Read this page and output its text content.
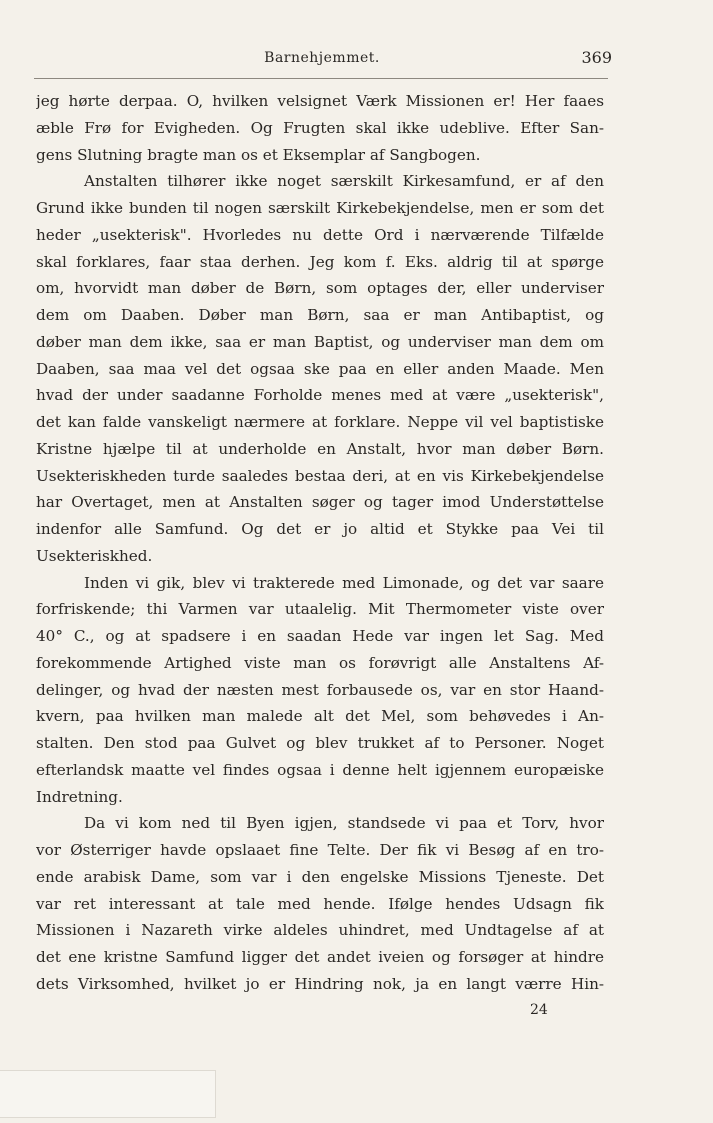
Barnehjemmet.	369
jeg hørte derpaa. O, hvilken velsignet Værk Missionen er! Her faaes
æble Frø for Evigheden. Og Frugten skal ikke udeblive. Efter San-
gens Slutning bragte man os et Eksemplar af Sangbogen.
Anstalten tilhører ikke noget særskilt Kirkesamfund, er af den
Grund ikke bunden til nogen særskilt Kirkebekjendelse, men er som det
heder „usekterisk". Hvorledes nu dette Ord i nærværende Tilfælde
skal forklares, faar staa derhen. Jeg kom f. Eks. aldrig til at spørge
om, hvorvidt man døber de Børn, som optages der, eller underviser
dem om Daaben. Døber man Børn, saa er man Antibaptist, og
døber man dem ikke, saa er man Baptist, og underviser man dem om
Daaben, saa maa vel det ogsaa ske paa en eller anden Maade. Men
hvad der under saadanne Forholde menes med at være „usekterisk",
det kan falde vanskeligt nærmere at forklare. Neppe vil vel baptistiske
Kristne hjælpe til at underholde en Anstalt, hvor man døber Børn.
Usekteriskheden turde saaledes bestaa deri, at en vis Kirkebekjendelse
har Overtaget, men at Anstalten søger og tager imod Understøttelse
indenfor alle Samfund. Og det er jo altid et Stykke paa Vei til
Usekteriskhed.
Inden vi gik, blev vi trakterede med Limonade, og det var saare
forfriskende; thi Varmen var utaalelig. Mit Thermometer viste over
40° C., og at spadsere i en saadan Hede var ingen let Sag. Med
forekommende Artighed viste man os forøvrigt alle Anstaltens Af-
delinger, og hvad der næsten mest forbausede os, var en stor Haand-
kvern, paa hvilken man malede alt det Mel, som behøvedes i An-
stalten. Den stod paa Gulvet og blev trukket af to Personer. Noget
efterlandsk maatte vel findes ogsaa i denne helt igjennem europæiske
Indretning.
Da vi kom ned til Byen igjen, standsede vi paa et Torv, hvor
vor Østerriger havde opslaaet fine Telte. Der fik vi Besøg af en tro-
ende arabisk Dame, som var i den engelske Missions Tjeneste. Det
var ret interessant at tale med hende. Ifølge hendes Udsagn fik
Missionen i Nazareth virke aldeles uhindret, med Undtagelse af at
det ene kristne Samfund ligger det andet iveien og forsøger at hindre
dets Virksomhed, hvilket jo er Hindring nok, ja en langt værre Hin-
24
